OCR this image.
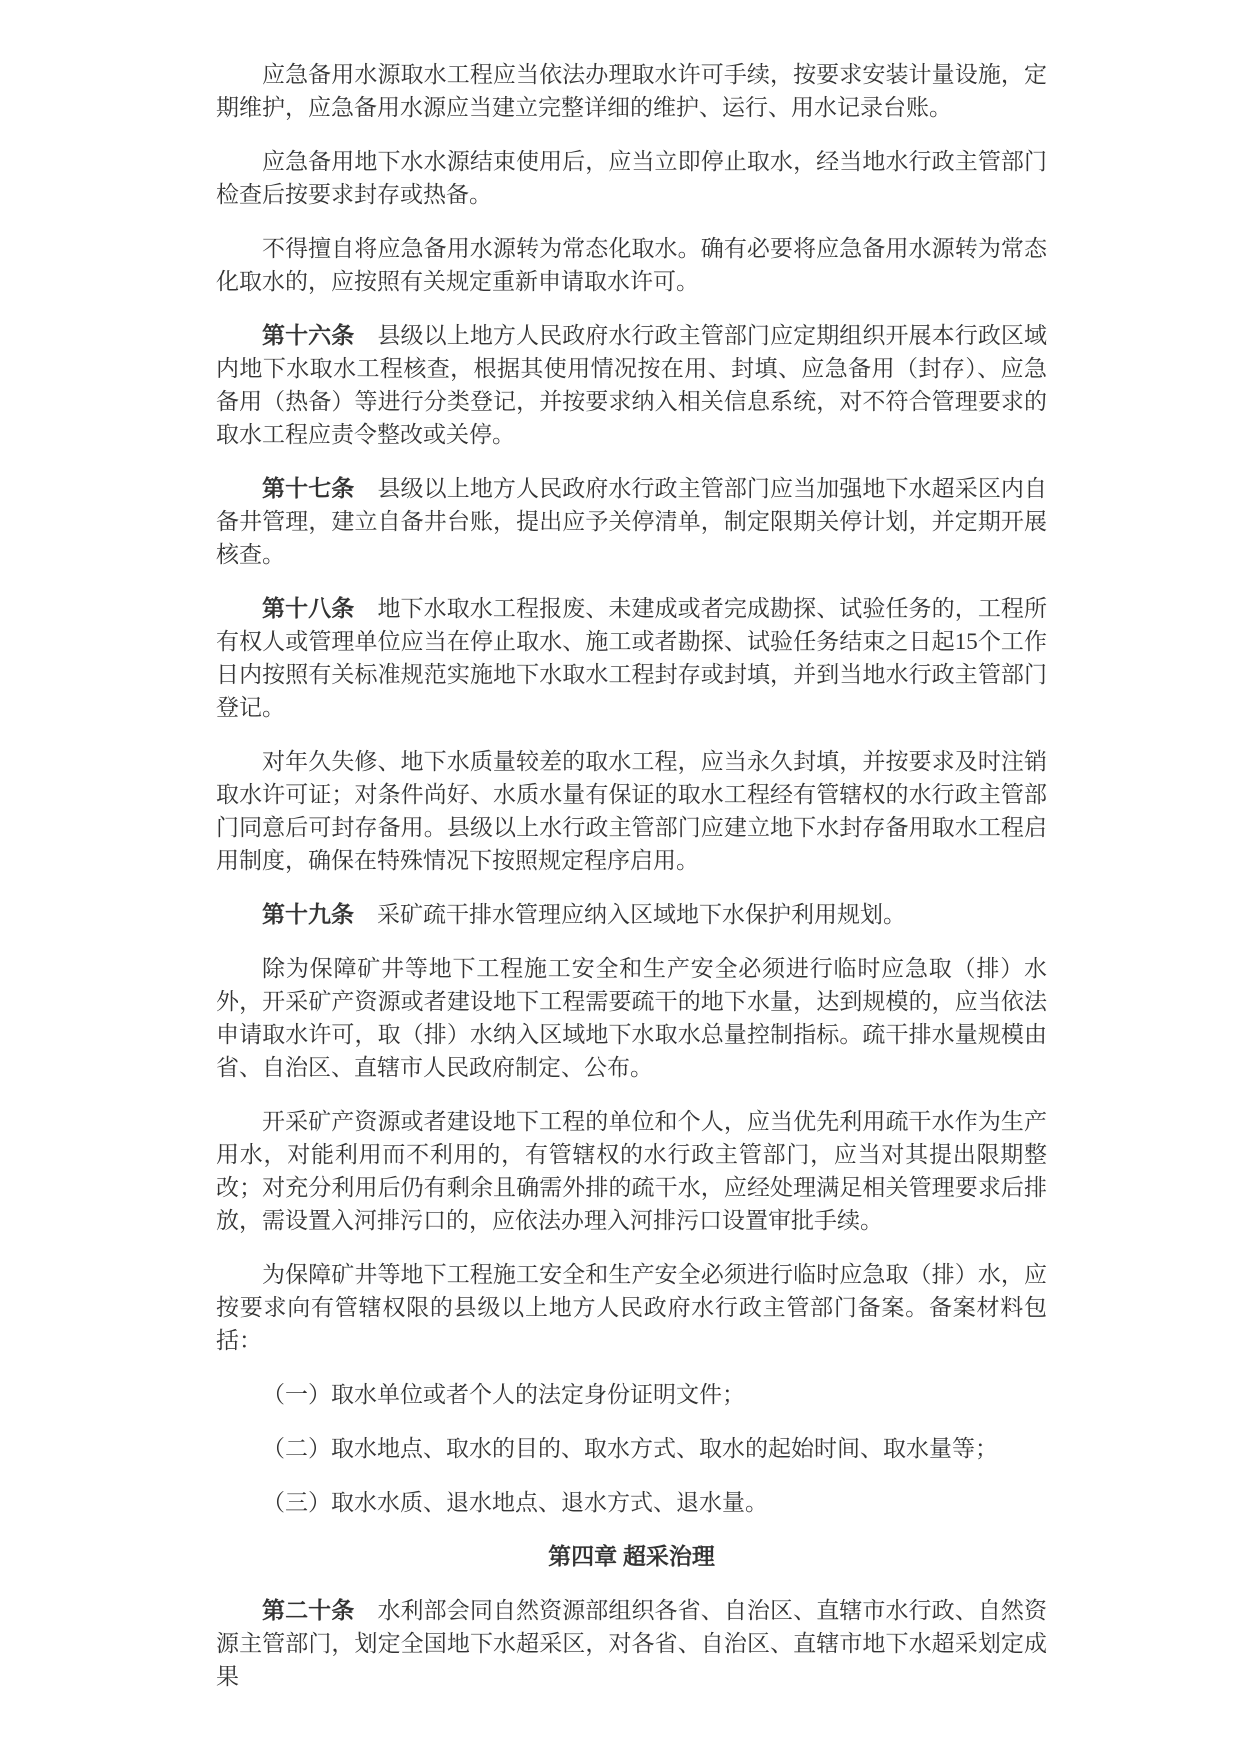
应急备用水源取水工程应当依法办理取水许可手续，按要求安装计量设施，定期维护，应急备用水源应当建立完整详细的维护、运行、用水记录台账。

应急备用地下水水源结束使用后，应当立即停止取水，经当地水行政主管部门检查后按要求封存或热备。

不得擅自将应急备用水源转为常态化取水。确有必要将应急备用水源转为常态化取水的，应按照有关规定重新申请取水许可。

第十六条　县级以上地方人民政府水行政主管部门应定期组织开展本行政区域内地下水取水工程核查，根据其使用情况按在用、封填、应急备用（封存）、应急备用（热备）等进行分类登记，并按要求纳入相关信息系统，对不符合管理要求的取水工程应责令整改或关停。

第十七条　县级以上地方人民政府水行政主管部门应当加强地下水超采区内自备井管理，建立自备井台账，提出应予关停清单，制定限期关停计划，并定期开展核查。

第十八条　地下水取水工程报废、未建成或者完成勘探、试验任务的，工程所有权人或管理单位应当在停止取水、施工或者勘探、试验任务结束之日起15个工作日内按照有关标准规范实施地下水取水工程封存或封填，并到当地水行政主管部门登记。

对年久失修、地下水质量较差的取水工程，应当永久封填，并按要求及时注销取水许可证；对条件尚好、水质水量有保证的取水工程经有管辖权的水行政主管部门同意后可封存备用。县级以上水行政主管部门应建立地下水封存备用取水工程启用制度，确保在特殊情况下按照规定程序启用。

第十九条　采矿疏干排水管理应纳入区域地下水保护利用规划。

除为保障矿井等地下工程施工安全和生产安全必须进行临时应急取（排）水外，开采矿产资源或者建设地下工程需要疏干的地下水量，达到规模的，应当依法申请取水许可，取（排）水纳入区域地下水取水总量控制指标。疏干排水量规模由省、自治区、直辖市人民政府制定、公布。

开采矿产资源或者建设地下工程的单位和个人，应当优先利用疏干水作为生产用水，对能利用而不利用的，有管辖权的水行政主管部门，应当对其提出限期整改；对充分利用后仍有剩余且确需外排的疏干水，应经处理满足相关管理要求后排放，需设置入河排污口的，应依法办理入河排污口设置审批手续。

为保障矿井等地下工程施工安全和生产安全必须进行临时应急取（排）水，应按要求向有管辖权限的县级以上地方人民政府水行政主管部门备案。备案材料包括：

（一）取水单位或者个人的法定身份证明文件；

（二）取水地点、取水的目的、取水方式、取水的起始时间、取水量等；

（三）取水水质、退水地点、退水方式、退水量。

第四章 超采治理

第二十条　水利部会同自然资源部组织各省、自治区、直辖市水行政、自然资源主管部门，划定全国地下水超采区，对各省、自治区、直辖市地下水超采划定成果
